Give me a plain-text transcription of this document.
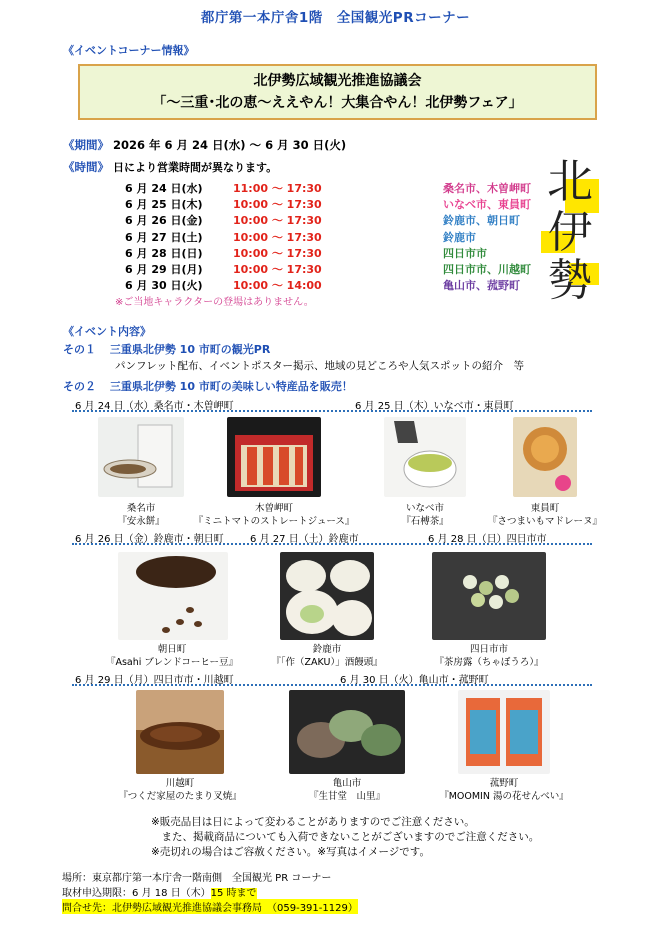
都庁第一本庁舎1階　全国観光PRコーナー
《イベントコーナー情報》
北伊勢広域観光推進協議会
「～三重･北の恵～ええやん！大集合やん！北伊勢フェア」
《期間》 2026 年 6 月 24 日(水) ～ 6 月 30 日(火)
《時間》 日により営業時間が異なります。
6 月 24 日(水)	11:00 ～ 17:30	桑名市、木曽岬町
6 月 25 日(木)	10:00 ～ 17:30	いなべ市、東員町
6 月 26 日(金)	10:00 ～ 17:30	鈴鹿市、朝日町
6 月 27 日(土)	10:00 ～ 17:30	鈴鹿市
6 月 28 日(日)	10:00 ～ 17:30	四日市市
6 月 29 日(月)	10:00 ～ 17:30	四日市市、川越町
6 月 30 日(火)	10:00 ～ 14:00	亀山市、菰野町
※ご当地キャラクターの登場はありません。
北
伊
勢
《イベント内容》
その１ 三重県北伊勢 10 市町の観光PR
パンフレット配布、イベントポスター掲示、地域の見どころや人気スポットの紹介　等
その２ 三重県北伊勢 10 市町の美味しい特産品を販売！
6 月 24 日（水）桑名市・木曽岬町	6 月 25 日（木）いなべ市・東員町
桑名市
『安永餅』
木曽岬町
『ミニトマトのストレートジュース』
いなべ市
『石榑茶』
東員町
『さつまいもマドレーヌ』
6 月 26 日（金）鈴鹿市・朝日町	6 月 27 日（土）鈴鹿市	6 月 28 日（日）四日市市
朝日町
『Asahi ブレンドコーヒー豆』
鈴鹿市
『「作（ZAKU）」酒饅頭』
四日市市
『茶房露（ちゃぼうろ）』
6 月 29 日（月）四日市市・川越町	6 月 30 日（火）亀山市・菰野町
川越町
『つくだ家屋のたまり叉焼』
亀山市
『生甘堂　山里』
菰野町
『MOOMIN 湯の花せんべい』
※販売品目は日によって変わることがありますのでご注意ください。
　また、掲載商品についても入荷できないことがございますのでご注意ください。
※売切れの場合はご容赦ください。※写真はイメージです。
場所：東京都庁第一本庁舎一階南側　全国観光 PR コーナー
取材申込期限：6 月 18 日（木）15 時まで
問合せ先：北伊勢広域観光推進協議会事務局　（059-391-1129）
